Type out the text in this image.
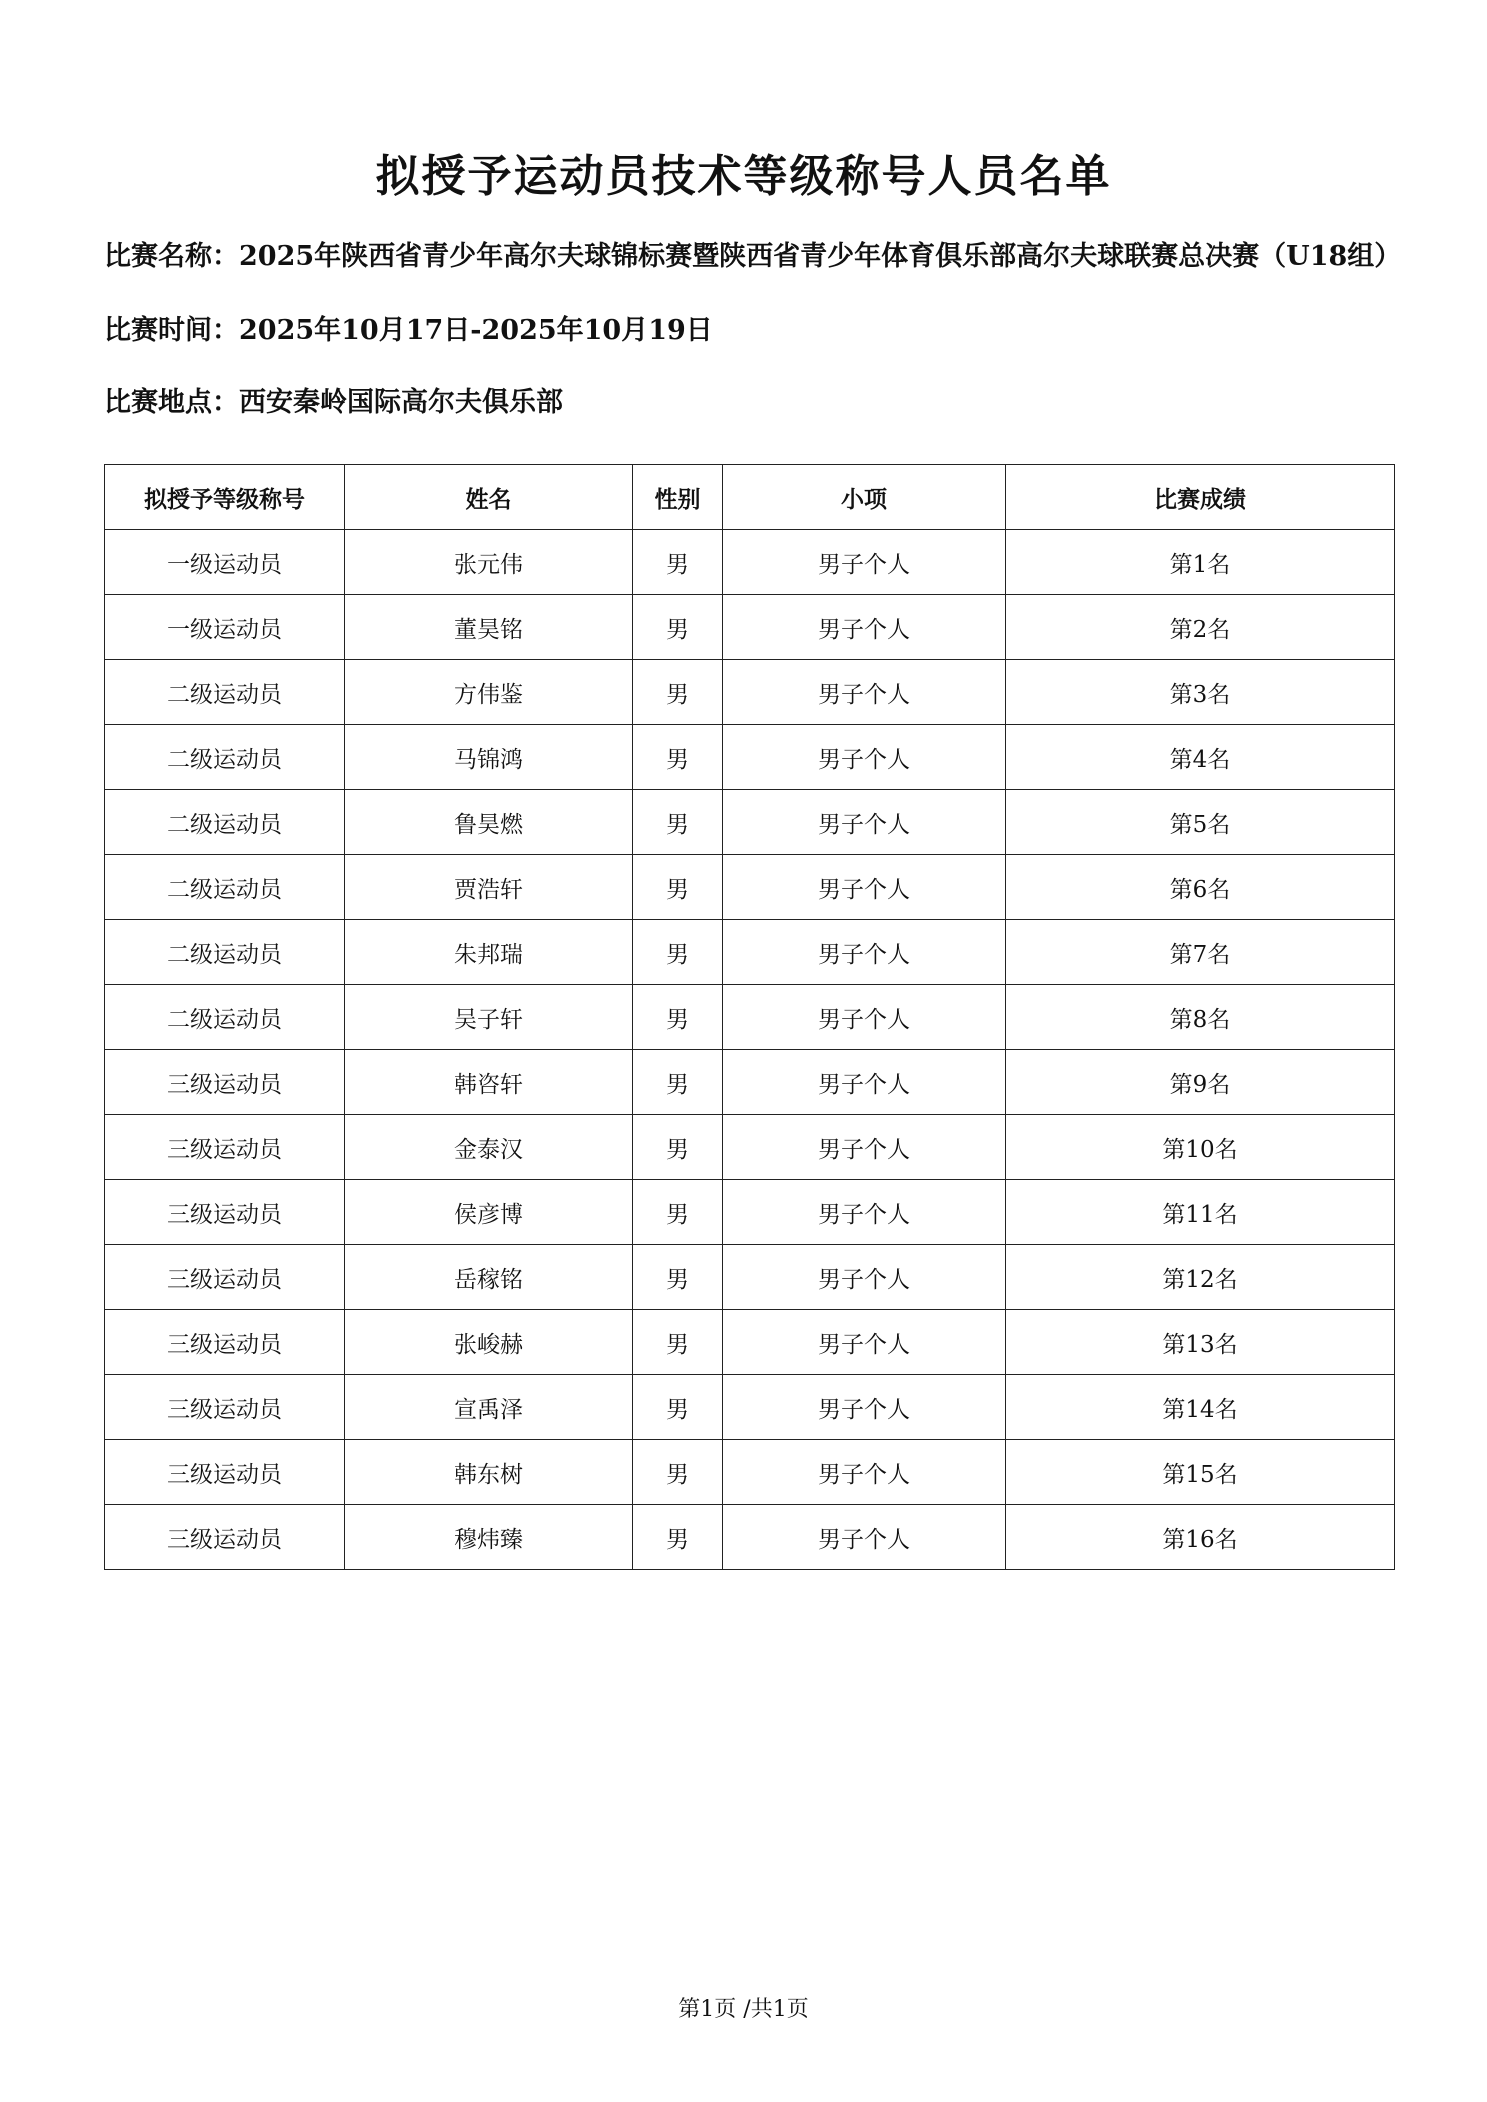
拟授予运动员技术等级称号人员名单
比赛名称：2025年陕西省青少年高尔夫球锦标赛暨陕西省青少年体育俱乐部高尔夫球联赛总决赛（U18组）
比赛时间：2025年10月17日-2025年10月19日
比赛地点：西安秦岭国际高尔夫俱乐部
拟授予等级称号	姓名	性别	小项	比赛成绩
一级运动员	张元伟	男	男子个人	第1名
一级运动员	董昊铭	男	男子个人	第2名
二级运动员	方伟鉴	男	男子个人	第3名
二级运动员	马锦鸿	男	男子个人	第4名
二级运动员	鲁昊燃	男	男子个人	第5名
二级运动员	贾浩轩	男	男子个人	第6名
二级运动员	朱邦瑞	男	男子个人	第7名
二级运动员	吴子轩	男	男子个人	第8名
三级运动员	韩咨轩	男	男子个人	第9名
三级运动员	金泰汉	男	男子个人	第10名
三级运动员	侯彦博	男	男子个人	第11名
三级运动员	岳稼铭	男	男子个人	第12名
三级运动员	张峻赫	男	男子个人	第13名
三级运动员	宣禹泽	男	男子个人	第14名
三级运动员	韩东树	男	男子个人	第15名
三级运动员	穆炜臻	男	男子个人	第16名
第1页 /共1页
